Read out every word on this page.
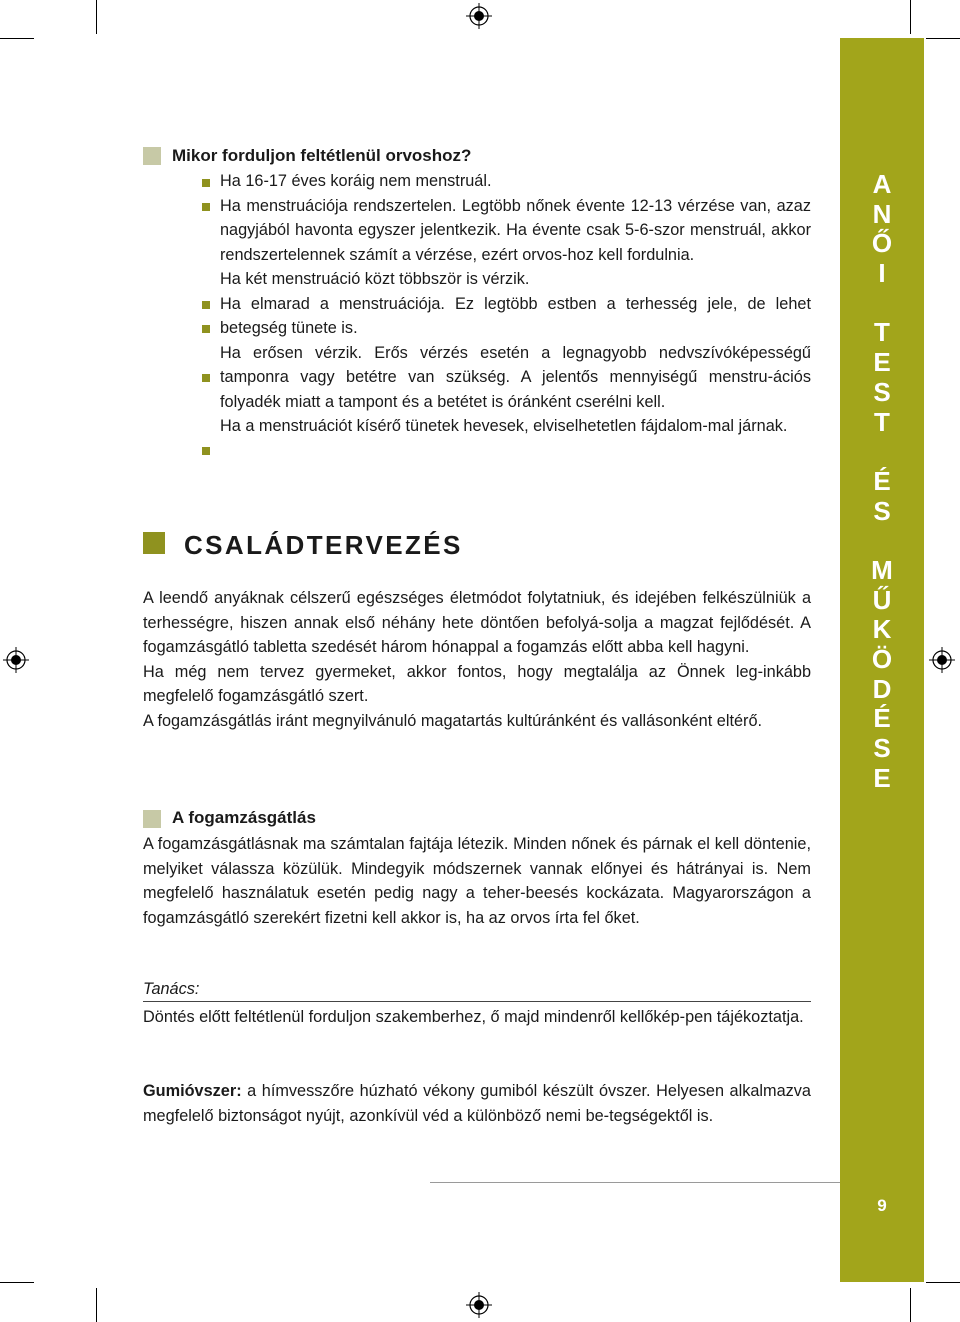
A
N
Ő
I
T
E
S
T
É
S
M
Ű
K
Ö
D
É
S
E
9
Mikor forduljon feltétlenül orvoshoz?

Ha 16-17 éves koráig nem menstruál.

Ha menstruációja rendszertelen. Legtöbb nőnek évente 12-13 vérzése van, azaz nagyjából havonta egyszer jelentkezik. Ha évente csak 5-6-szor menstruál, akkor rendszertelennek számít a vérzése, ezért orvos-hoz kell fordulnia.

Ha két menstruáció közt többször is vérzik.

Ha elmarad a menstruációja. Ez legtöbb estben a terhesség jele, de lehet betegség tünete is.

Ha erősen vérzik. Erős vérzés esetén a legnagyobb nedvszívóképességű tamponra vagy betétre van szükség. A jelentős mennyiségű menstru-ációs folyadék miatt a tampont és a betétet is óránként cserélni kell.

Ha a menstruációt kísérő tünetek hevesek, elviselhetetlen fájdalom-mal járnak.

CSALÁDTERVEZÉS

A leendő anyáknak célszerű egészséges életmódot folytatniuk, és idejében felkészülniük a terhességre, hiszen annak első néhány hete döntően befolyá-solja a magzat fejlődését. A fogamzásgátló tabletta szedését három hónappal a fogamzás előtt abba kell hagyni.

Ha még nem tervez gyermeket, akkor fontos, hogy megtalálja az Önnek leg-inkább megfelelő fogamzásgátló szert.

A fogamzásgátlás iránt megnyilvánuló magatartás kultúránként és vallásonként eltérő.

A fogamzásgátlás

A fogamzásgátlásnak ma számtalan fajtája létezik. Minden nőnek és párnak el kell döntenie, melyiket válassza közülük. Mindegyik módszernek vannak előnyei és hátrányai is. Nem megfelelő használatuk esetén pedig nagy a teher-beesés kockázata. Magyarországon a fogamzásgátló szerekért fizetni kell akkor is, ha az orvos írta fel őket.

Tanács:

Döntés előtt feltétlenül forduljon szakemberhez, ő majd mindenről kellőkép-pen tájékoztatja.

Gumióvszer: a hímvesszőre húzható vékony gumiból készült óvszer. Helyesen alkalmazva megfelelő biztonságot nyújt, azonkívül véd a különböző nemi be-tegségektől is.
